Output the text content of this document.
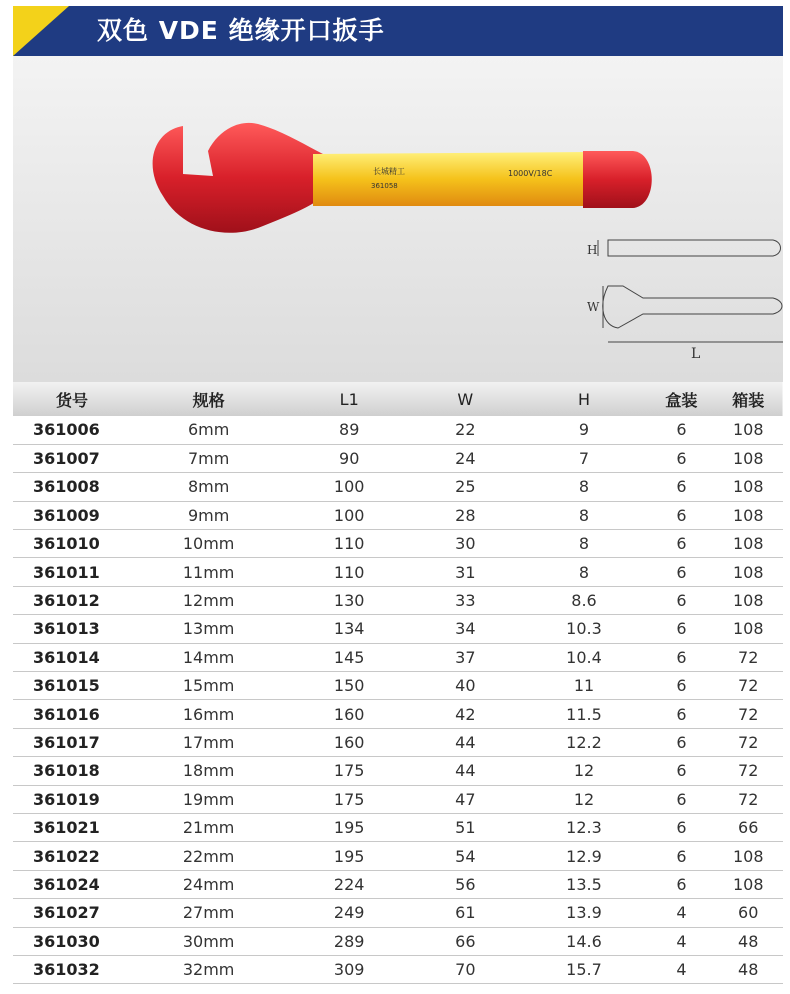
双色 VDE 绝缘开口扳手
长城精工
361058
1000V/18C
H
W
L
货号	规格	L1	W	H	盒装	箱装
361006	6mm	89	22	9	6	108
361007	7mm	90	24	7	6	108
361008	8mm	100	25	8	6	108
361009	9mm	100	28	8	6	108
361010	10mm	110	30	8	6	108
361011	11mm	110	31	8	6	108
361012	12mm	130	33	8.6	6	108
361013	13mm	134	34	10.3	6	108
361014	14mm	145	37	10.4	6	72
361015	15mm	150	40	11	6	72
361016	16mm	160	42	11.5	6	72
361017	17mm	160	44	12.2	6	72
361018	18mm	175	44	12	6	72
361019	19mm	175	47	12	6	72
361021	21mm	195	51	12.3	6	66
361022	22mm	195	54	12.9	6	108
361024	24mm	224	56	13.5	6	108
361027	27mm	249	61	13.9	4	60
361030	30mm	289	66	14.6	4	48
361032	32mm	309	70	15.7	4	48
